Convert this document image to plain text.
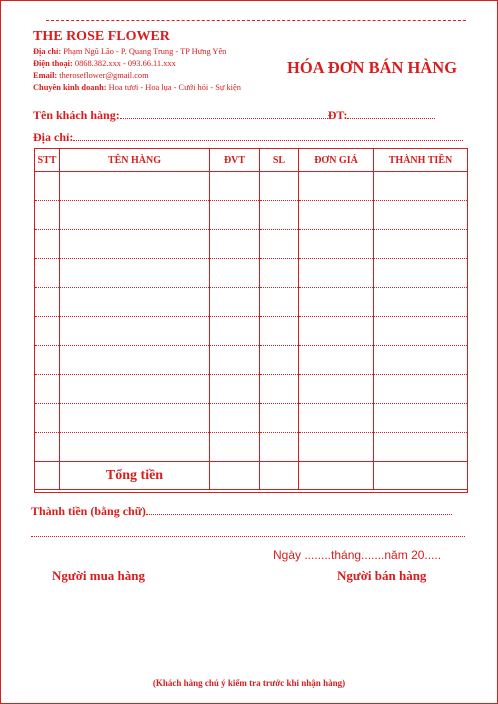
THE ROSE FLOWER
Địa chỉ: Phạm Ngũ Lão - P. Quang Trung - TP Hưng Yên
Điện thoại: 0868.382.xxx - 093.66.11.xxx
Email: theroseflower@gmail.com
Chuyên kinh doanh: Hoa tươi - Hoa lụa - Cưới hỏi - Sự kiện
HÓA ĐƠN BÁN HÀNG
Tên khách hàng:	ĐT:
Địa chỉ:
STT	TÊN HÀNG	ĐVT	SL	ĐƠN GIÁ	THÀNH TIỀN

	Tổng tiền				
Thành tiền (bằng chữ)
Ngày ........tháng.......năm 20.....
Người mua hàng	Người bán hàng
(Khách hàng chú ý kiểm tra trước khi nhận hàng)
